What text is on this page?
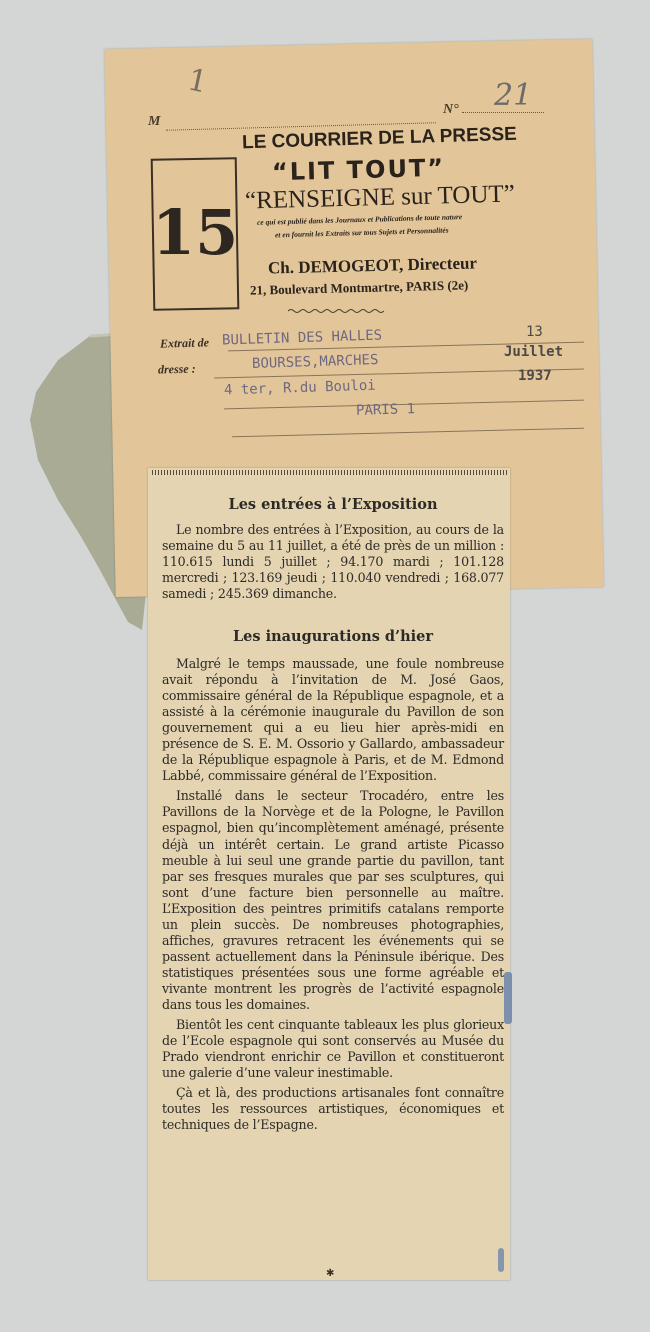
M
N°
1	21
15
LE COURRIER DE LA PRESSE
“LIT TOUT”
“RENSEIGNE sur TOUT”
ce qui est publié dans les Journaux et Publications de toute nature
et en fournit les Extraits sur tous Sujets et Personnalités
Ch. DEMOGEOT, Directeur
21, Boulevard Montmartre, PARIS (2e)
Extrait de
dresse :
BULLETIN DES HALLES
BOURSES,MARCHES
4 ter, R.du Bouloi
PARIS 1
13
Juillet
1937
Les entrées à l’Exposition

Le nombre des entrées à l’Exposition, au cours de la semaine du 5 au 11 juillet, a été de près de un million : 110.615 lundi 5 juillet ; 94.170 mardi ; 101.128 mercredi ; 123.169 jeudi ; 110.040 vendredi ; 168.077 samedi ; 245.369 dimanche.

Les inaugurations d’hier

Malgré le temps maussade, une foule nombreuse avait répondu à l’invitation de M. José Gaos, commissaire général de la République espagnole, et a assisté à la cérémonie inaugurale du Pavillon de son gouvernement qui a eu lieu hier après-midi en présence de S. E. M. Ossorio y Gallardo, ambassadeur de la République espagnole à Paris, et de M. Edmond Labbé, commissaire général de l’Exposition.

Installé dans le secteur Trocadéro, entre les Pavillons de la Norvège et de la Pologne, le Pavillon espagnol, bien qu’incomplètement aménagé, présente déjà un intérêt certain. Le grand artiste Picasso meuble à lui seul une grande partie du pavillon, tant par ses fresques murales que par ses sculptures, qui sont d’une facture bien personnelle au maître. L’Exposition des peintres primitifs catalans remporte un plein succès. De nombreuses photographies, affiches, gravures retracent les événements qui se passent actuellement dans la Péninsule ibérique. Des statistiques présentées sous une forme agréable et vivante montrent les progrès de l’activité espagnole dans tous les domaines.

Bientôt les cent cinquante tableaux les plus glorieux de l’Ecole espagnole qui sont conservés au Musée du Prado viendront enrichir ce Pavillon et constitueront une galerie d’une valeur inestimable.

Çà et là, des productions artisanales font connaître toutes les ressources artistiques, économiques et techniques de l’Espagne.

✱
